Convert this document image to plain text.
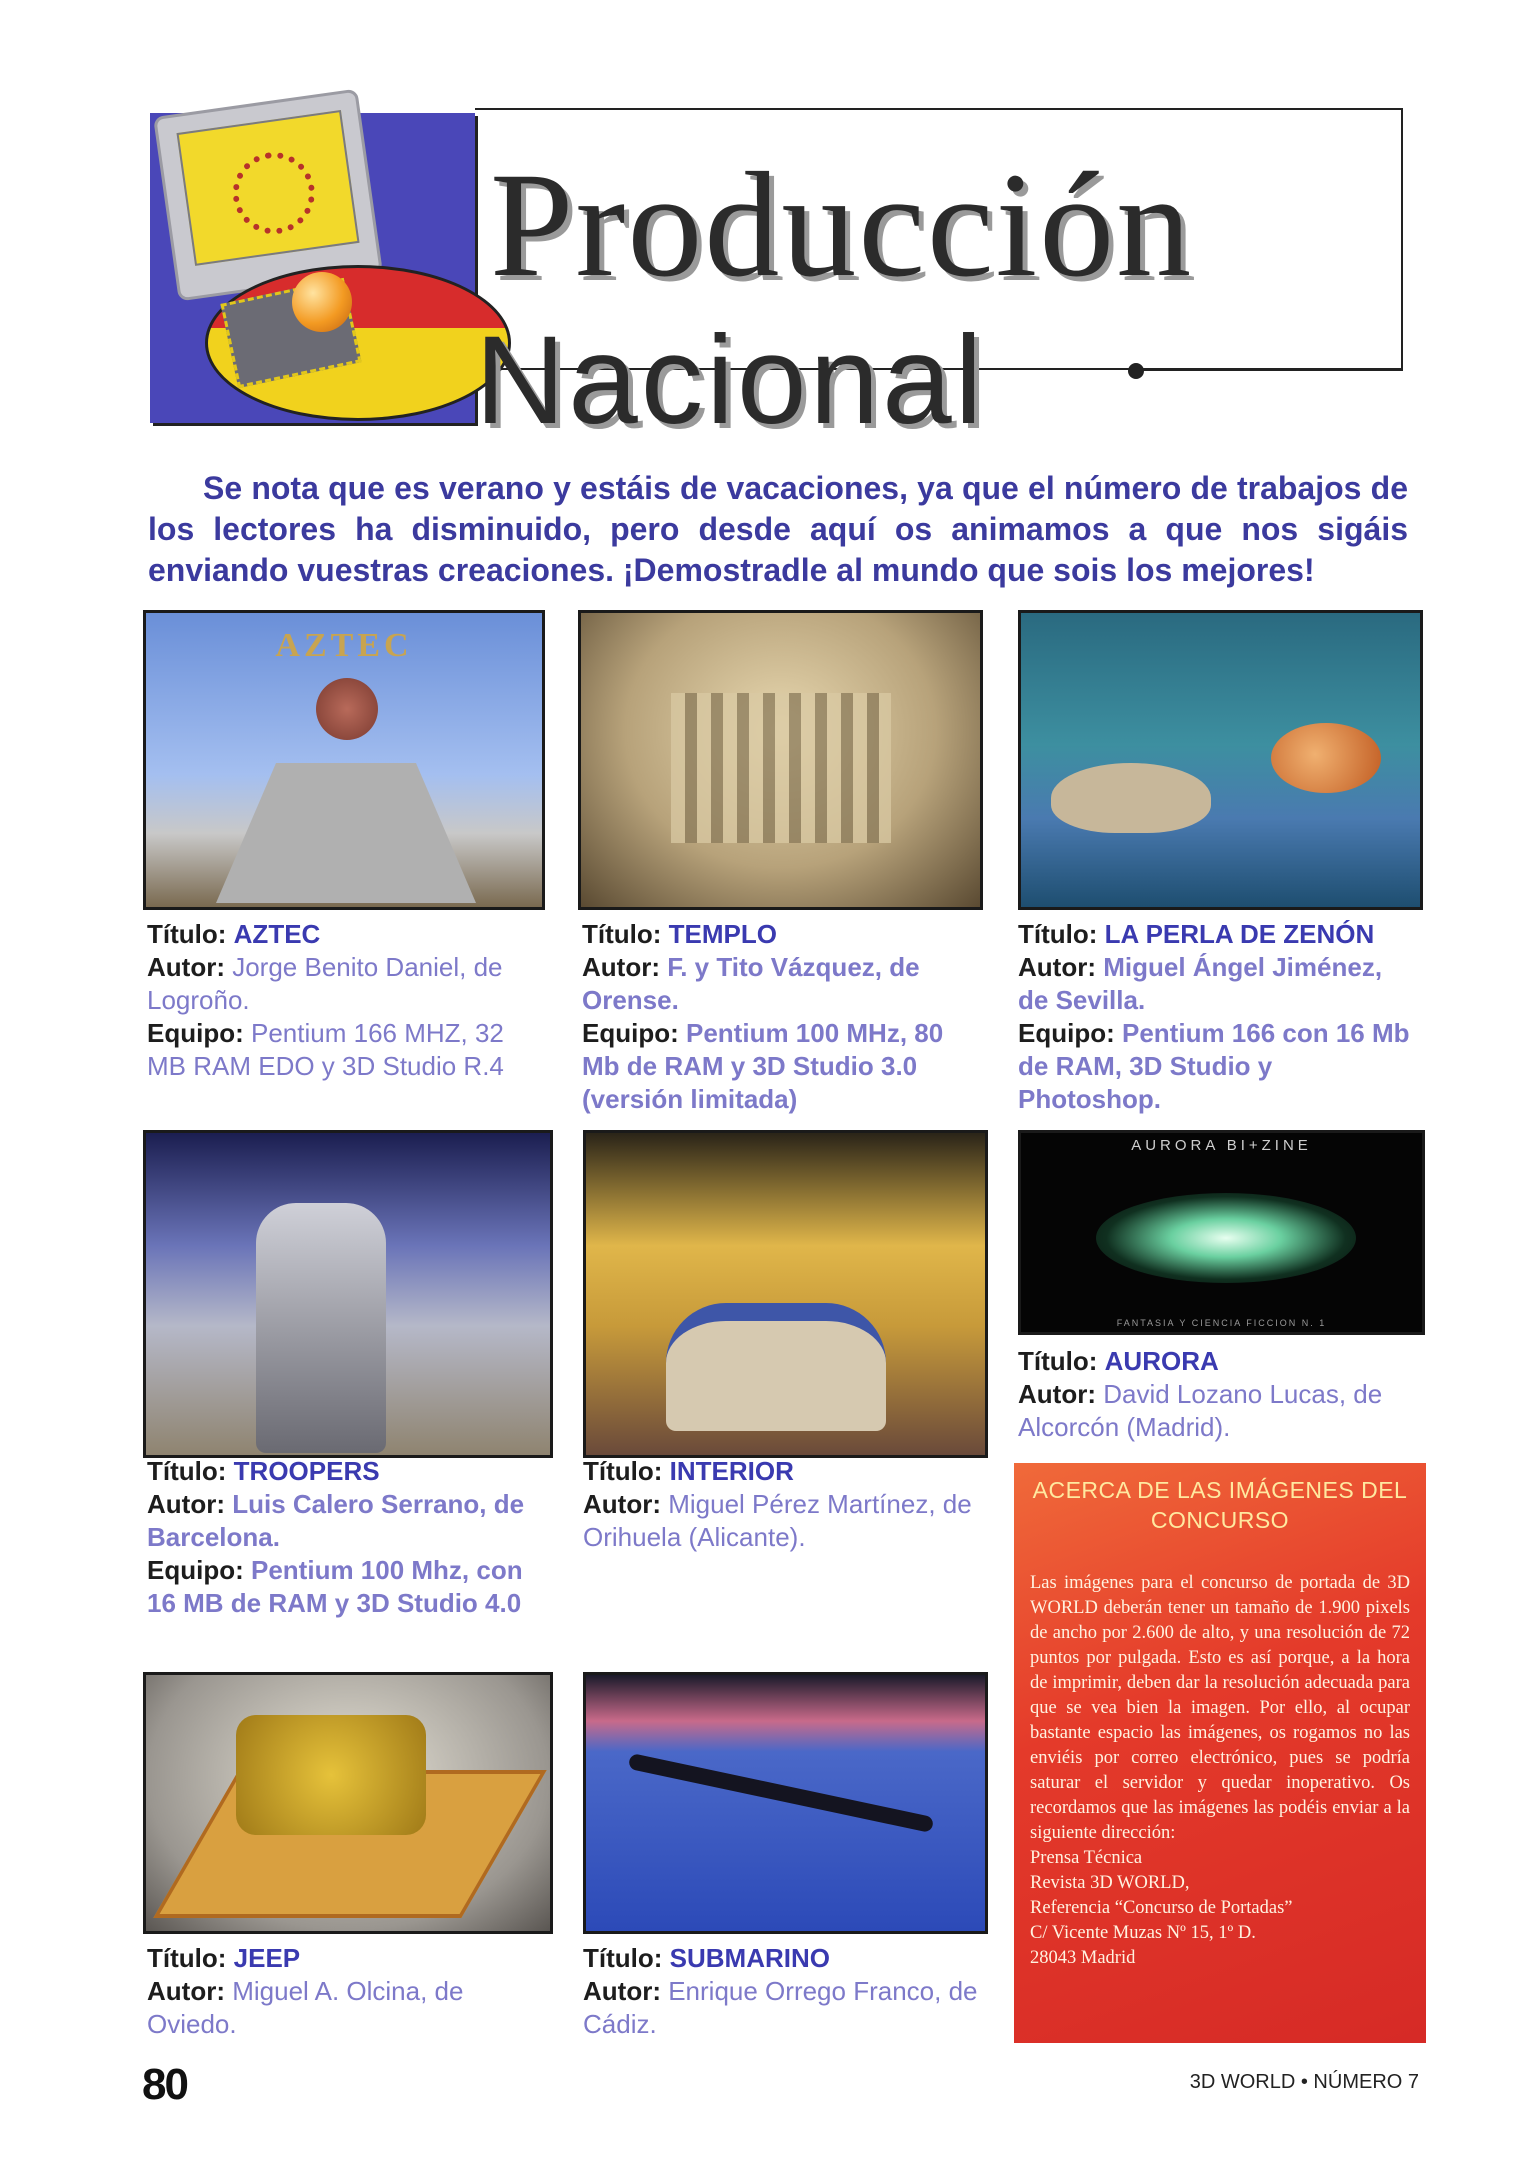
Producción
Nacional
Se nota que es verano y estáis de vacaciones, ya que el número de trabajos de los lectores ha disminuido, pero desde aquí os animamos a que nos sigáis enviando vuestras creaciones. ¡Demostradle al mundo que sois los mejores!
AZTEC

Título: AZTEC

Autor: Jorge Benito Daniel, de Logroño.

Equipo: Pentium 166 MHZ, 32 MB RAM EDO y 3D Studio R.4

Título: TEMPLO

Autor: F. y Tito Vázquez, de Orense.

Equipo: Pentium 100 MHz, 80 Mb de RAM y 3D Studio 3.0 (versión limitada)

Título: LA PERLA DE ZENÓN

Autor: Miguel Ángel Jiménez, de Sevilla.

Equipo: Pentium 166 con 16 Mb de RAM, 3D Studio y Photoshop.

Título: TROOPERS

Autor: Luis Calero Serrano, de Barcelona.

Equipo: Pentium 100 Mhz, con 16 MB de RAM y 3D Studio 4.0

Título: INTERIOR

Autor: Miguel Pérez Martínez, de Orihuela (Alicante).

AURORA BI+ZINE
FANTASIA Y CIENCIA FICCION N. 1

Título: AURORA

Autor: David Lozano Lucas, de Alcorcón (Madrid).

ACERCA DE LAS IMÁGENES DEL CONCURSO

Las imágenes para el concurso de portada de 3D WORLD deberán tener un tamaño de 1.900 pixels de ancho por 2.600 de alto, y una resolución de 72 puntos por pulgada. Esto es así porque, a la hora de imprimir, deben dar la resolución adecuada para que se vea bien la imagen. Por ello, al ocupar bastante espacio las imágenes, os rogamos no las enviéis por correo electrónico, pues se podría saturar el servidor y quedar inoperativo. Os recordamos que las imágenes las podéis enviar a la siguiente dirección:

Prensa Técnica

Revista 3D WORLD,

Referencia “Concurso de Portadas”

C/ Vicente Muzas Nº 15, 1º D.

28043 Madrid

Título: JEEP

Autor: Miguel A. Olcina, de Oviedo.

Título: SUBMARINO

Autor: Enrique Orrego Franco, de Cádiz.

80	3D WORLD • NÚMERO 7
